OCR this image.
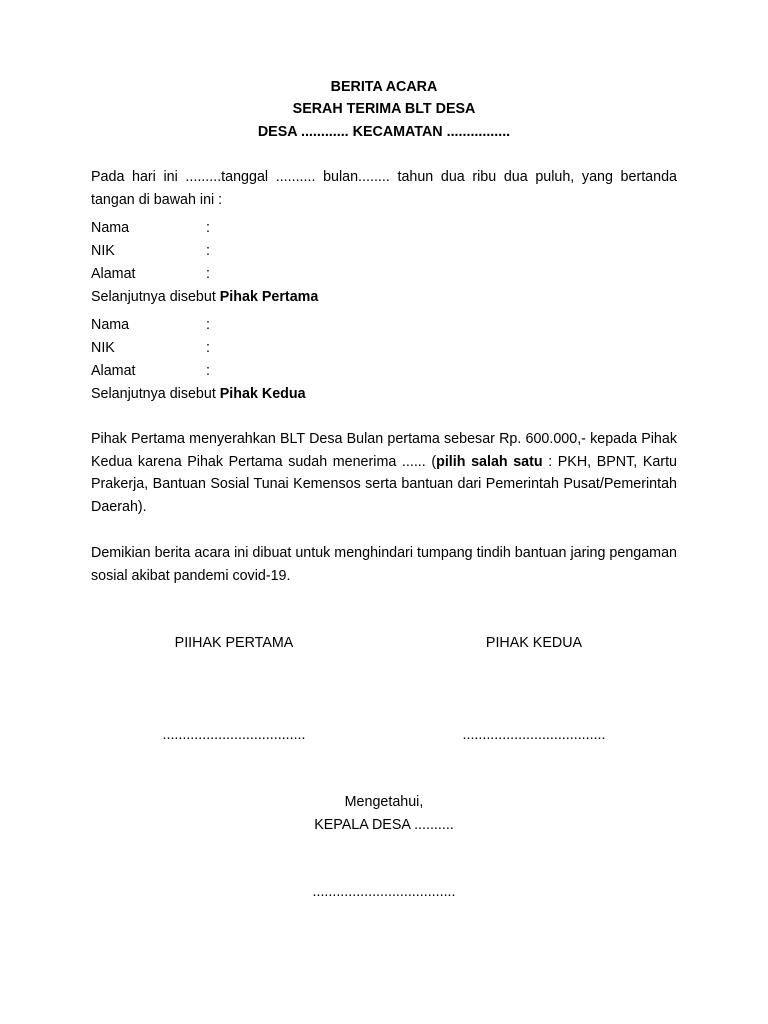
BERITA ACARA
SERAH TERIMA BLT DESA
DESA ............ KECAMATAN ................
Pada hari ini .........tanggal .......... bulan........ tahun dua ribu dua puluh, yang bertanda tangan di bawah ini :
Nama	:
NIK	:
Alamat	:
Selanjutnya disebut Pihak Pertama
Nama	:
NIK	:
Alamat	:
Selanjutnya disebut Pihak Kedua
Pihak Pertama menyerahkan BLT Desa Bulan pertama sebesar Rp. 600.000,- kepada Pihak Kedua karena Pihak Pertama sudah menerima ...... (pilih salah satu : PKH, BPNT, Kartu Prakerja, Bantuan Sosial Tunai Kemensos serta bantuan dari Pemerintah Pusat/Pemerintah Daerah).
Demikian berita acara ini dibuat untuk menghindari tumpang tindih bantuan jaring pengaman sosial akibat pandemi covid-19.
PIIHAK PERTAMA	PIHAK KEDUA
....................................	....................................
Mengetahui,
KEPALA DESA ..........
....................................
